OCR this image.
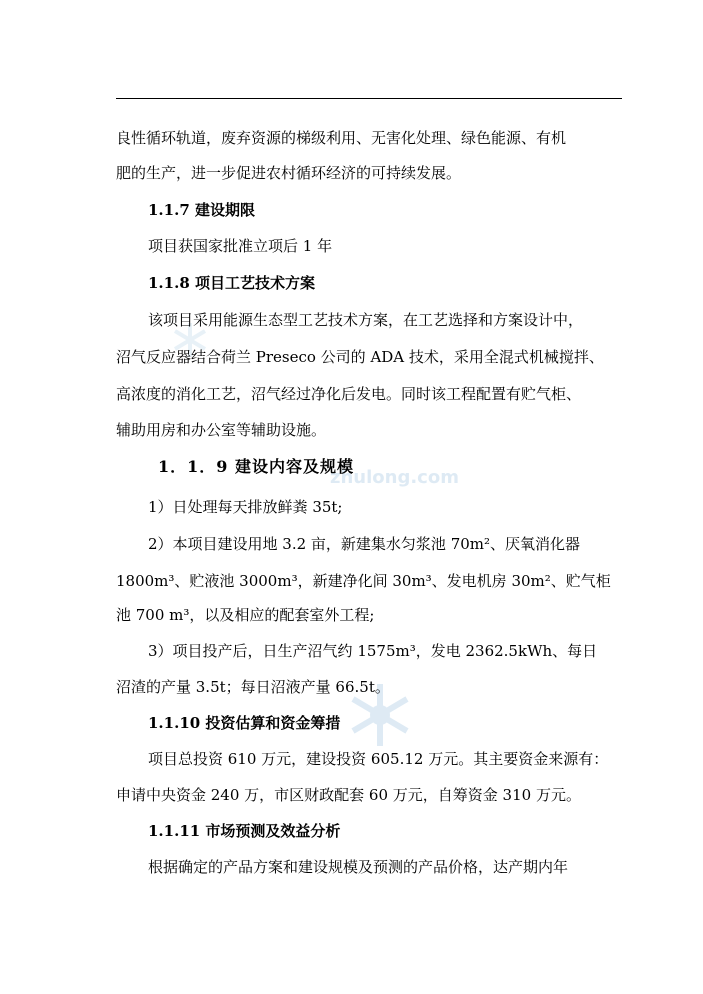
zhulong.com
良性循环轨道，废弃资源的梯级利用、无害化处理、绿色能源、有机
肥的生产，进一步促进农村循环经济的可持续发展。
1.1.7 建设期限
项目获国家批准立项后 1 年
1.1.8 项目工艺技术方案
该项目采用能源生态型工艺技术方案，在工艺选择和方案设计中，
沼气反应器结合荷兰 Preseco 公司的 ADA 技术，采用全混式机械搅拌、
高浓度的消化工艺，沼气经过净化后发电。同时该工程配置有贮气柜、
辅助用房和办公室等辅助设施。
1．1．9 建设内容及规模
1）日处理每天排放鲜粪 35t;
2）本项目建设用地 3.2 亩，新建集水匀浆池 70m²、厌氧消化器
1800m³、贮液池 3000m³，新建净化间 30m³、发电机房 30m²、贮气柜
池 700 m³，以及相应的配套室外工程;
3）项目投产后，日生产沼气约 1575m³，发电 2362.5kWh、每日
沼渣的产量 3.5t；每日沼液产量 66.5t。
1.1.10 投资估算和资金筹措
项目总投资 610 万元，建设投资 605.12 万元。其主要资金来源有：
申请中央资金 240 万，市区财政配套 60 万元，自筹资金 310 万元。
1.1.11 市场预测及效益分析
根据确定的产品方案和建设规模及预测的产品价格，达产期内年
